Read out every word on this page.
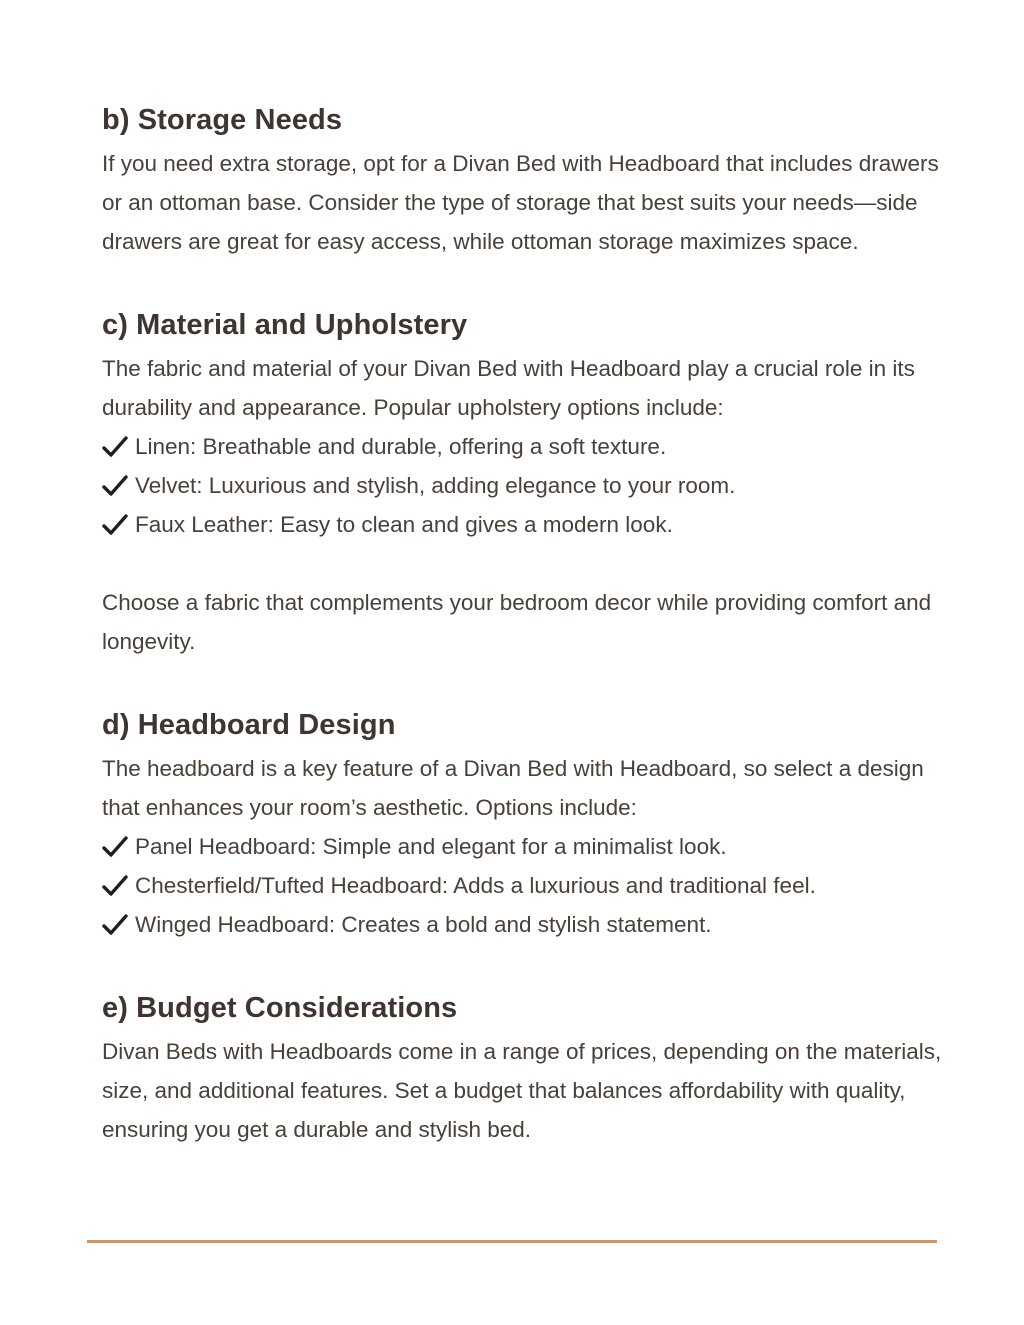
b) Storage Needs

If you need extra storage, opt for a Divan Bed with Headboard that includes drawers or an ottoman base. Consider the type of storage that best suits your needs—side drawers are great for easy access, while ottoman storage maximizes space.

c) Material and Upholstery

The fabric and material of your Divan Bed with Headboard play a crucial role in its durability and appearance. Popular upholstery options include:

Linen: Breathable and durable, offering a soft texture.
Velvet: Luxurious and stylish, adding elegance to your room.
Faux Leather: Easy to clean and gives a modern look.

Choose a fabric that complements your bedroom decor while providing comfort and longevity.

d) Headboard Design

The headboard is a key feature of a Divan Bed with Headboard, so select a design that enhances your room’s aesthetic. Options include:

Panel Headboard: Simple and elegant for a minimalist look.
Chesterfield/Tufted Headboard: Adds a luxurious and traditional feel.
Winged Headboard: Creates a bold and stylish statement.
e) Budget Considerations

Divan Beds with Headboards come in a range of prices, depending on the materials, size, and additional features. Set a budget that balances affordability with quality, ensuring you get a durable and stylish bed.
